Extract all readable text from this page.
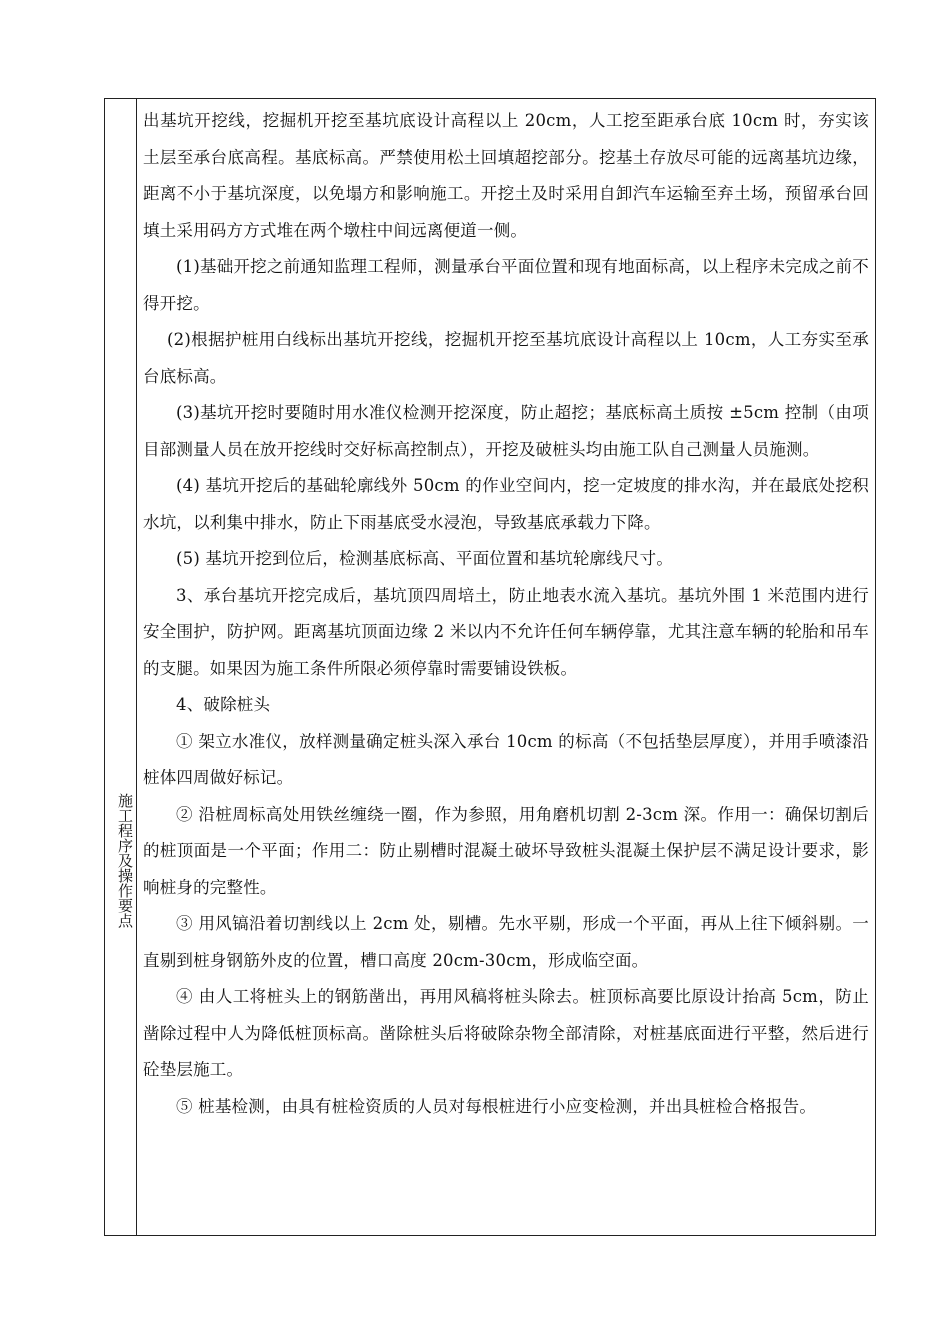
施工程序及操作要点

出基坑开挖线，挖掘机开挖至基坑底设计高程以上 20cm，人工挖至距承台底 10cm 时，夯实该土层至承台底高程。基底标高。严禁使用松土回填超挖部分。挖基土存放尽可能的远离基坑边缘，距离不小于基坑深度，以免塌方和影响施工。开挖土及时采用自卸汽车运输至弃土场，预留承台回填土采用码方方式堆在两个墩柱中间远离便道一侧。

(1)基础开挖之前通知监理工程师，测量承台平面位置和现有地面标高，以上程序未完成之前不得开挖。

(2)根据护桩用白线标出基坑开挖线，挖掘机开挖至基坑底设计高程以上 10cm，人工夯实至承台底标高。

(3)基坑开挖时要随时用水准仪检测开挖深度，防止超挖；基底标高土质按 ±5cm 控制（由项目部测量人员在放开挖线时交好标高控制点），开挖及破桩头均由施工队自己测量人员施测。

(4) 基坑开挖后的基础轮廓线外 50cm 的作业空间内，挖一定坡度的排水沟，并在最底处挖积水坑，以利集中排水，防止下雨基底受水浸泡，导致基底承载力下降。

(5) 基坑开挖到位后，检测基底标高、平面位置和基坑轮廓线尺寸。

3、承台基坑开挖完成后，基坑顶四周培土，防止地表水流入基坑。基坑外围 1 米范围内进行安全围护，防护网。距离基坑顶面边缘 2 米以内不允许任何车辆停靠，尤其注意车辆的轮胎和吊车的支腿。如果因为施工条件所限必须停靠时需要铺设铁板。

4、破除桩头

① 架立水准仪，放样测量确定桩头深入承台 10cm 的标高（不包括垫层厚度），并用手喷漆沿桩体四周做好标记。

② 沿桩周标高处用铁丝缠绕一圈，作为参照，用角磨机切割 2-3cm 深。作用一：确保切割后的桩顶面是一个平面；作用二：防止剔槽时混凝土破坏导致桩头混凝土保护层不满足设计要求，影响桩身的完整性。

③ 用风镐沿着切割线以上 2cm 处，剔槽。先水平剔，形成一个平面，再从上往下倾斜剔。一直剔到桩身钢筋外皮的位置，槽口高度 20cm-30cm，形成临空面。

④ 由人工将桩头上的钢筋凿出，再用风稿将桩头除去。桩顶标高要比原设计抬高 5cm，防止凿除过程中人为降低桩顶标高。凿除桩头后将破除杂物全部清除，对桩基底面进行平整，然后进行砼垫层施工。

⑤ 桩基检测，由具有桩检资质的人员对每根桩进行小应变检测，并出具桩检合格报告。
